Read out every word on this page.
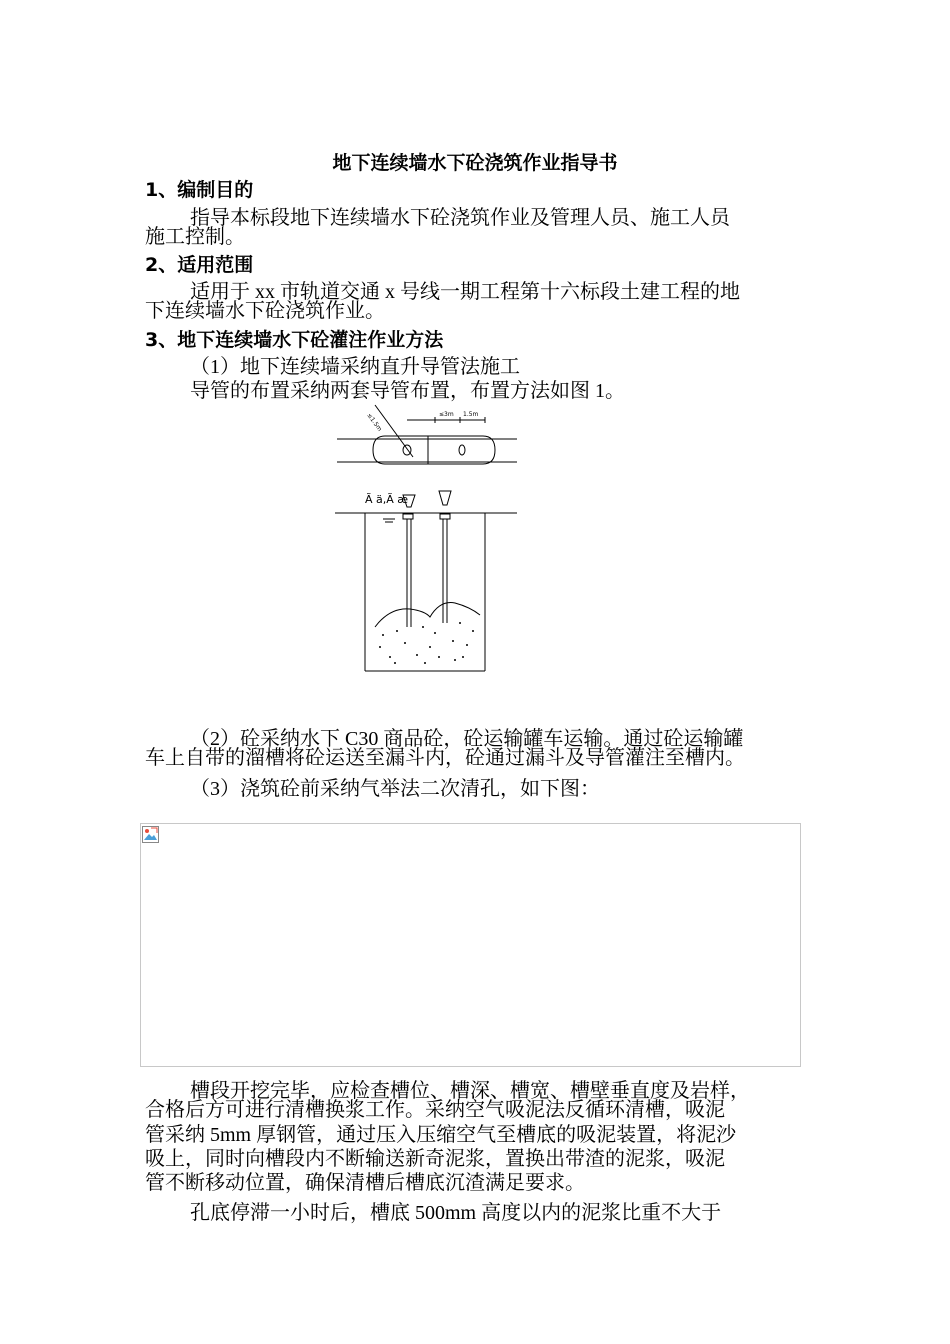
地下连续墙水下砼浇筑作业指导书
1、编制目的
指导本标段地下连续墙水下砼浇筑作业及管理人员、施工人员
施工控制。
2、适用范围
适用于 xx 市轨道交通 x 号线一期工程第十六标段土建工程的地
下连续墙水下砼浇筑作业。
3、地下连续墙水下砼灌注作业方法
（1）地下连续墙采纳直升导管法施工
导管的布置采纳两套导管布置，布置方法如图 1。
≤1.5m	≤3m 1.5m
Ã ä,Ã æ
（2）砼采纳水下 C30 商品砼，砼运输罐车运输。通过砼运输罐
车上自带的溜槽将砼运送至漏斗内，砼通过漏斗及导管灌注至槽内。
（3）浇筑砼前采纳气举法二次清孔，如下图：
槽段开挖完毕，应检查槽位、槽深、槽宽、槽壁垂直度及岩样，
合格后方可进行清槽换浆工作。采纳空气吸泥法反循环清槽，吸泥
管采纳 5mm 厚钢管，通过压入压缩空气至槽底的吸泥装置，将泥沙
吸上，同时向槽段内不断输送新奇泥浆，置换出带渣的泥浆，吸泥
管不断移动位置，确保清槽后槽底沉渣满足要求。
孔底停滞一小时后，槽底 500mm 高度以内的泥浆比重不大于
